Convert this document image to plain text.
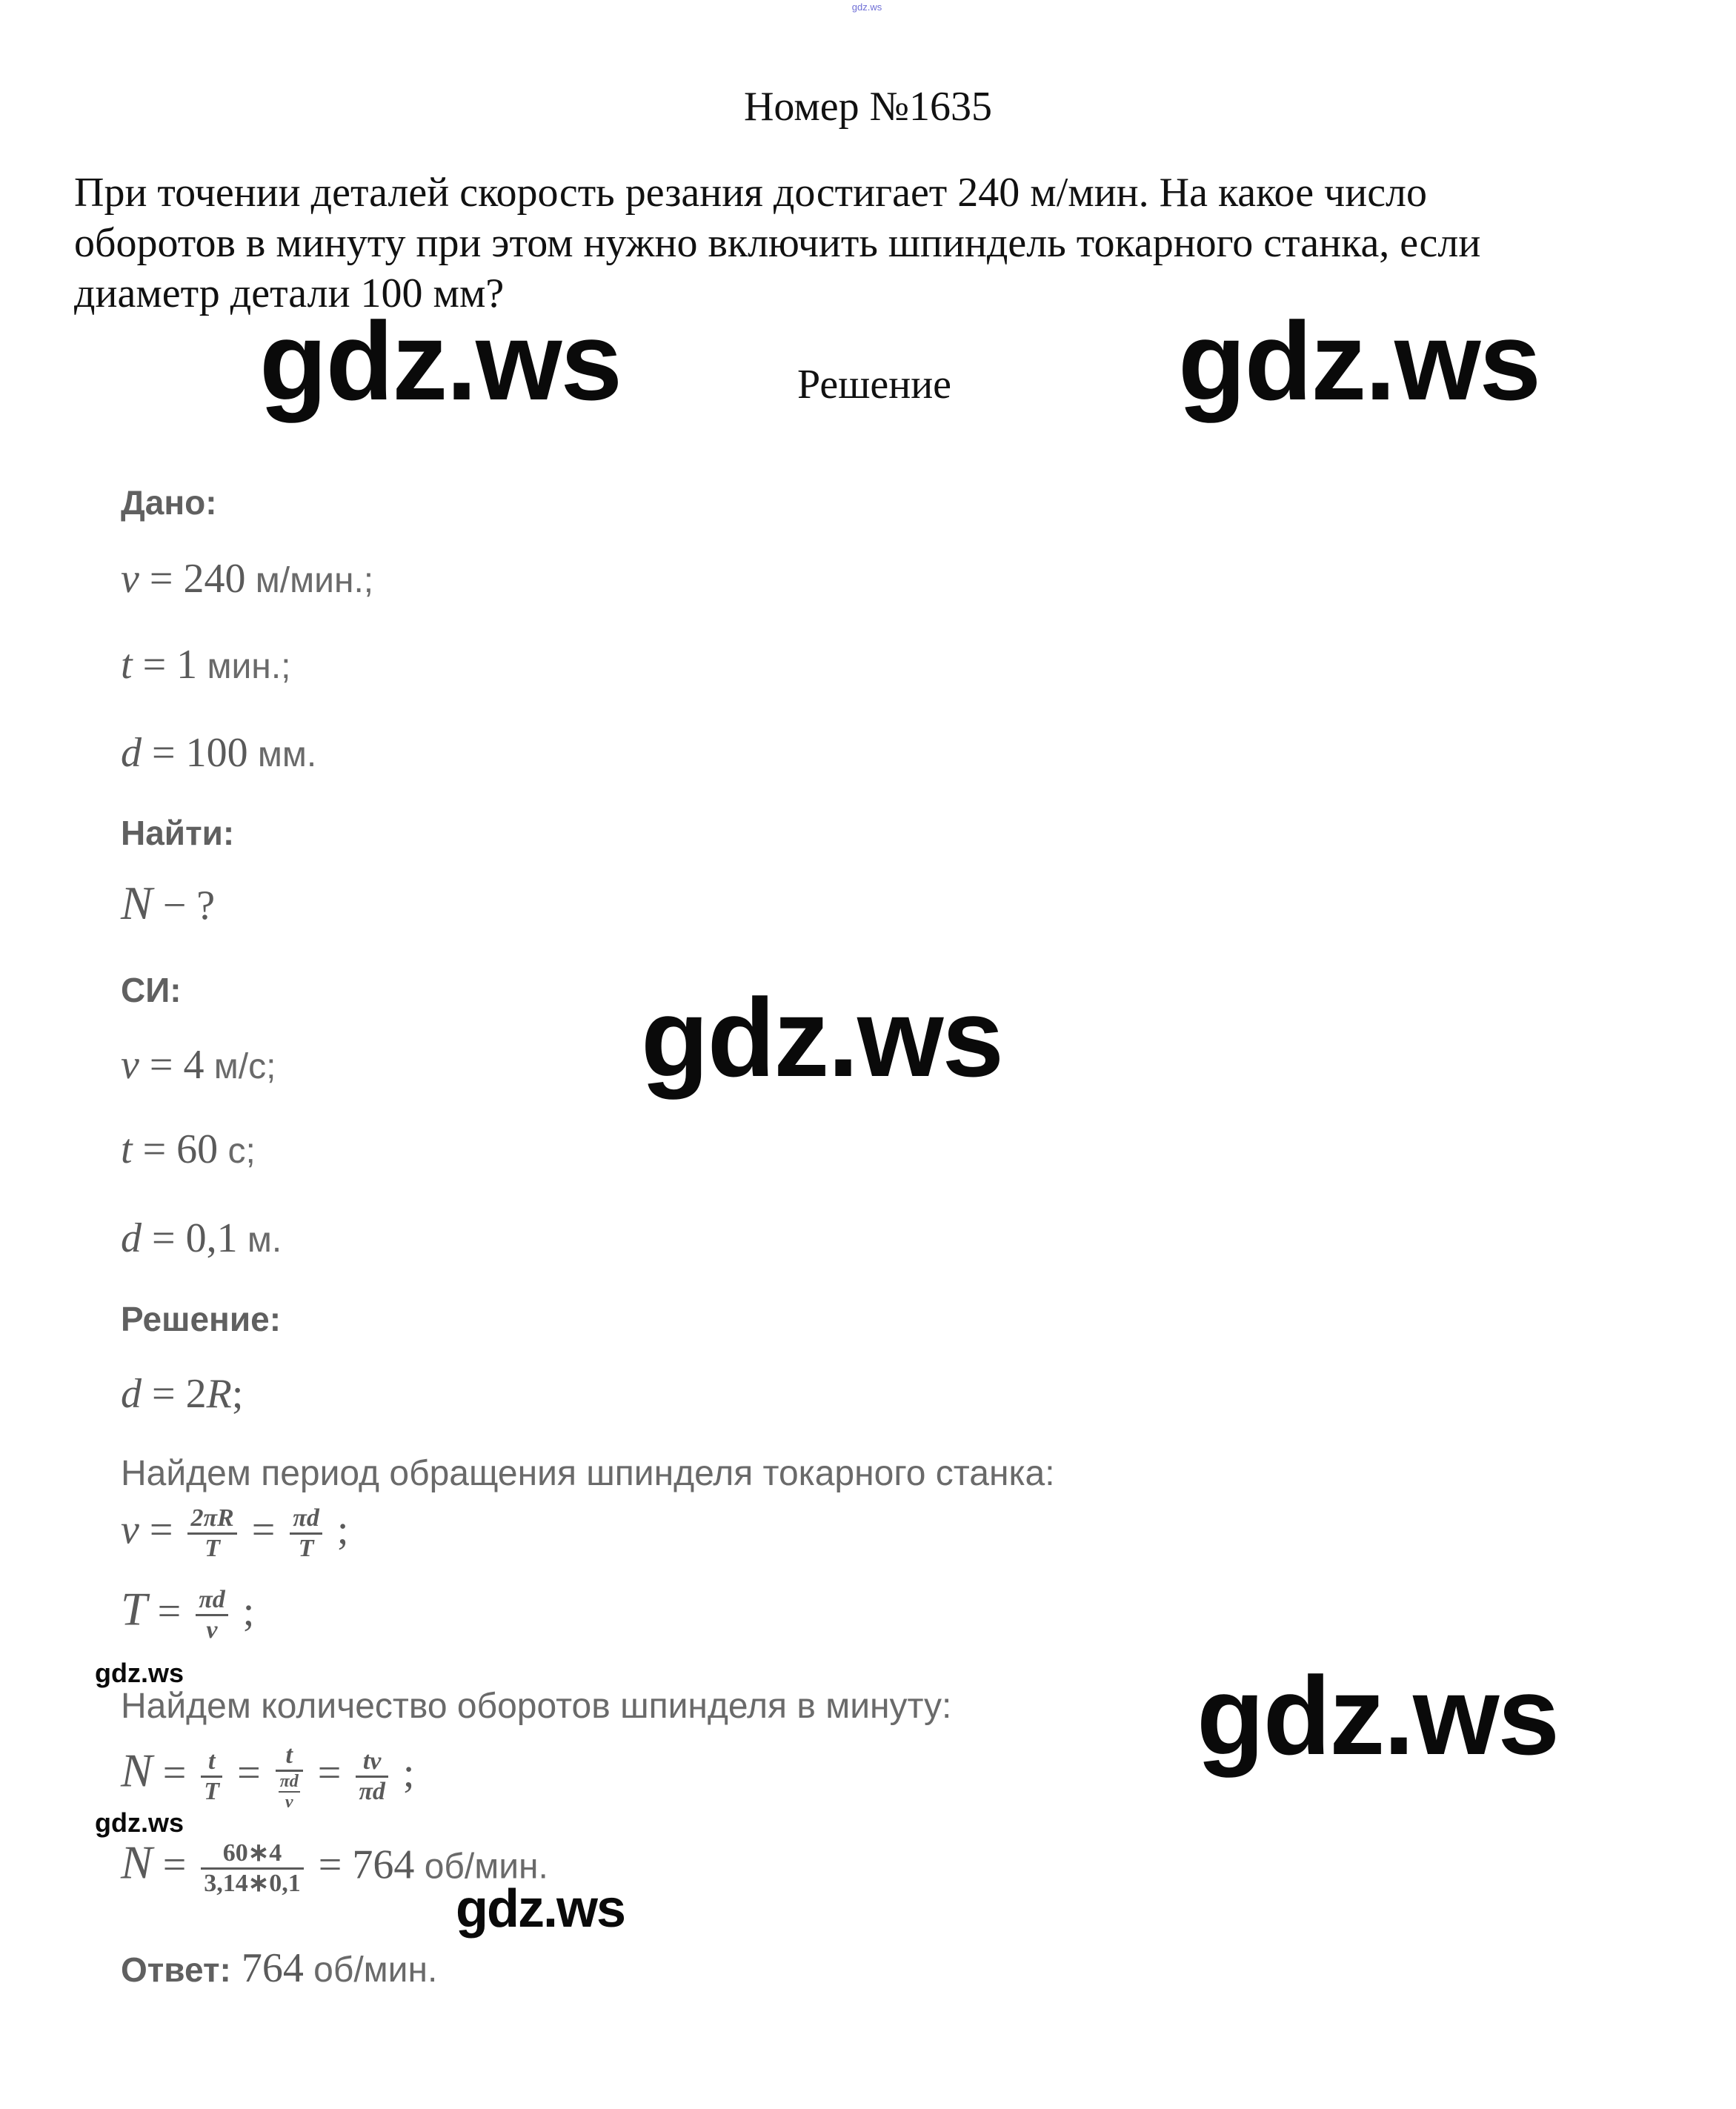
gdz.ws
Номер №1635
При точении деталей скорость резания достигает 240 м/мин. На какое число
оборотов в минуту при этом нужно включить шпиндель токарного станка, если
диаметр детали 100 мм?
Решение
gdz.ws	gdz.ws
gdz.ws
gdz.ws
gdz.ws
gdz.ws
gdz.ws
Дано:
v = 240 м/мин.;
t = 1 мин.;
d = 100 мм.
Найти:
N − ?
СИ:
v = 4 м/с;
t = 60 с;
d = 0,1 м.
Решение:
d = 2R;
Найдем период обращения шпинделя токарного станка:
$v = \frac{2\pi R}{T} = \frac{\pi d}{T}$ ;
$T = \frac{\pi d}{v}$ ;
Найдем количество оборотов шпинделя в минуту:
$N = \frac{t}{T} = \frac{t}{\frac{\pi d}{v}} = \frac{tv}{\pi d}$ ;
$N = \frac{60∗4}{3,14∗0,1} = 764$ об/мин.
Ответ: 764 об/мин.
